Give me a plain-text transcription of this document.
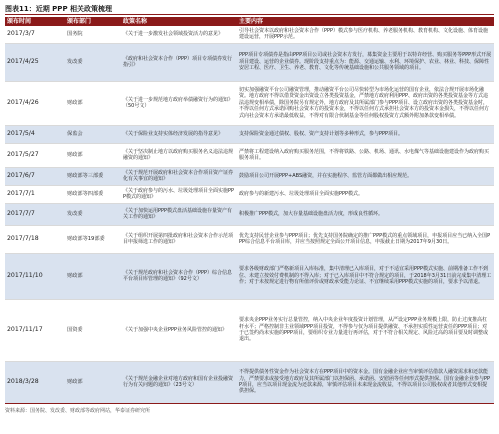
图表11：近期 PPP 相关政策梳理
颁布时间	颁布部门	政策名称	主要内容
2017/3/7	国务院	《关于进一步激发社会领域投资活力的意见》	引导社会资本以政府和社会资本合作（PPP）模式参与医疗机构、养老服务机构、教育机构、文化设施、体育设施建设运营，开展PPP示范。
2017/4/25	发改委	《政府和社会资本合作（PPP）项目专项债券发行指引》	PPP项目专项债券是指由PPP项目公司或社会资本方发行，募集资金主要用于以特许经营、购买服务等PPP形式开展项目建设、运营的企业债券。现阶段支持重点为：能源、交通运输、水利、环境保护、农业、林业、科技、保障性安居工程、医疗、卫生、养老、教育、文化等传统基础设施和公共服务领域的项目。
2017/4/26	财政部	《关于进一步规范地方政府举债融资行为的通知》（50号文）	切实加强融资平台公司融资管理，推动融资平台公司尽快转型为市场化运营的国有企业，依法合规开展市场化融资。地方政府不得以借贷资金出资设立各类投资基金，严禁地方政府利用PPP、政府出资的各类投资基金等方式违法违规变相举债，除国务院另有规定外，地方政府及其所属部门参与PPP项目、设立政府出资的各类投资基金时，不得以任何方式承诺回购社会资本方的投资本金，不得以任何方式承担社会资本方的投资本金损失，不得以任何方式向社会资本方承诺最低收益，不得对有限合伙制基金等任何股权投资方式额外附加条款变相举债。
2017/5/4	保监会	《关于保险业支持实体经济发展的指导意见》	支持保险资金通过债权、股权、资产支持计划等多种形式，参与PPP项目。
2017/5/27	财政部	《关于坚决制止地方以政府购买服务名义违法违规融资的通知》	严禁将工程建设纳入政府购买服务范围，不得将铁路、公路、机场、通讯、水电煤气等基础设施建设作为政府购买服务项目。
2017/6/7	财政部等三部委	《关于规范开展政府和社会资本合作项目资产证券化有关事宜的通知》	鼓励项目公司开展PPP+ABS融资，并在实施程序、监管方面都做出相应规范。
2017/7/1	财政部等四部委	《关于政府参与的污水、垃圾处理项目全面实施PPP模式的通知》	政府参与的新建污水、垃圾处理项目全面实施PPP模式。
2017/7/7	发改委	《关于加快运用PPP模式盘活基础设施存量资产有关工作的通知》	积极推广PPP模式，加大存量基础设施盘活力度，形成良性循环。
2017/7/18	财政部等19部委	《关于组织开展第四批政府和社会资本合作示范项目申报筛选工作的通知》	优先支持民营企业参与PPP项目；优先支持国务院确定的推广PPP模式的重点领域项目，申报项目应当已纳入全国PPP综合信息平台项目库，并应当按照规定全面公开项目信息，申报截止日期为2017年9月30日。
2017/11/10	财政部	《关于规范政府和社会资本合作（PPP）综合信息平台项目库管理的通知》（92号文）	要求各级财政部门严格新项目入库标准，集中清理已入库项目，对于不适宜采用PPP模式实施、前期准备工作不到位、未建立按效付费机制的不得入库；对于已入库项目中不符合规定的项目，于2018年3月31日前完成集中清理工作；对于未按规定进行物有所值评价或财政承受能力论证、不宜继续采用PPP模式实施的项目，要求予以清退。
2017/11/17	国资委	《关于加强中央企业PPP业务风险管控的通知》	要求央企PPP业务实行总量管控，纳入中央企业年度投资计划管理，从严设定PPP业务规模上限，防止过度推高杠杆水平；严格控制非主业领域PPP项目投资，不得参与仅为项目提供融资、不承担实质性运营责任的PPP项目；对于已签约尚未实施的PPP项目，要组织专业力量进行再评估，对于不符合相关规定、风险过高的项目要及时调整或退出。
2018/3/28	财政部	《关于规范金融企业对地方政府和国有企业投融资行为有关问题的通知》（23号文）	不得提供债务性资金作为社会资本方在PPP项目中的资本金。国有金融企业应当审慎评估借款人融资需求和还款能力，严禁要求或接受地方政府及其所属部门以担保函、承诺函、安慰函等任何形式提供担保。国有金融企业参与PPP项目，应当以项目现金流为还款来源，审慎评估项目未来现金流收益，不得以项目公司股权或者其他形式变相提供担保。
资料来源：国务院、发改委、财政部等政府网站，华泰证券研究所
